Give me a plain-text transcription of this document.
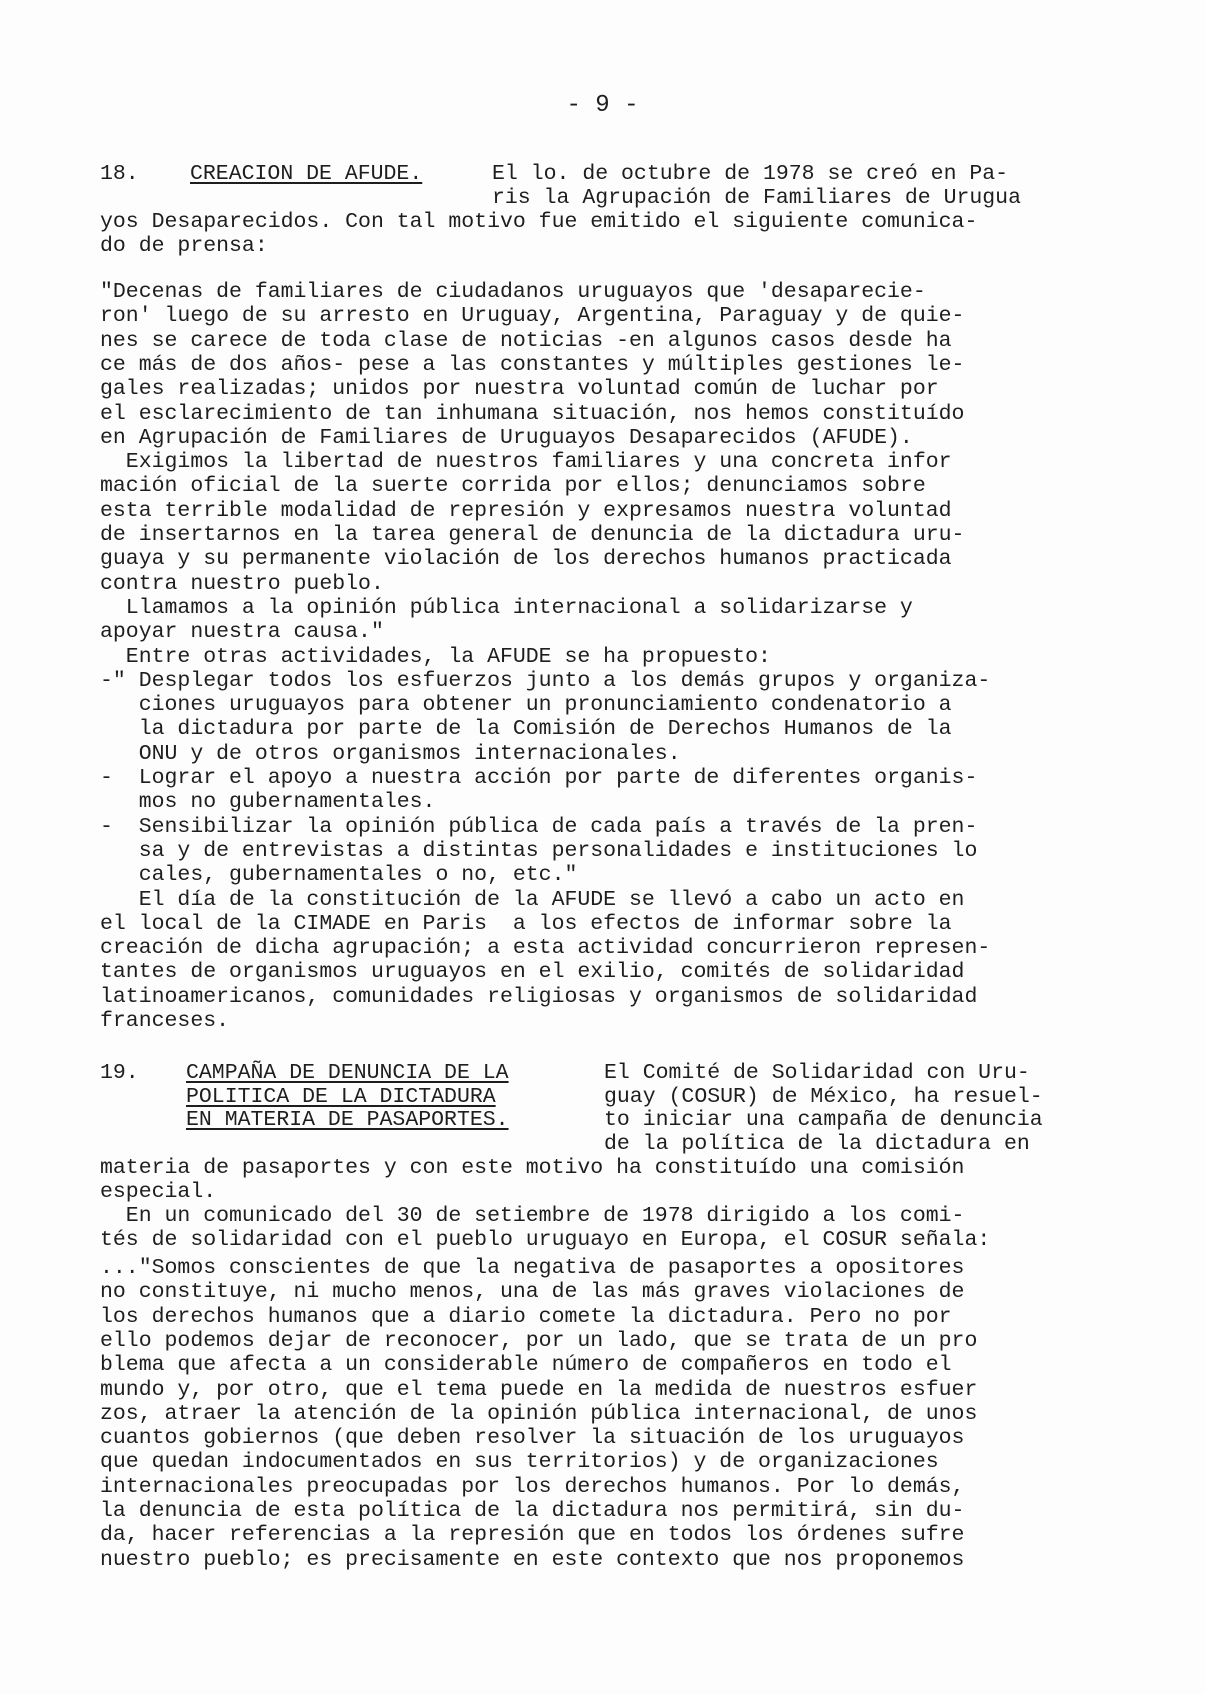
- 9 -
18. CREACION DE AFUDE.	El lo. de octubre de 1978 se creó en Pa-
ris la Agrupación de Familiares de Urugua
yos Desaparecidos. Con tal motivo fue emitido el siguiente comunica-
do de prensa:
"Decenas de familiares de ciudadanos uruguayos que 'desaparecie-
ron' luego de su arresto en Uruguay, Argentina, Paraguay y de quie-
nes se carece de toda clase de noticias -en algunos casos desde ha
ce más de dos años- pese a las constantes y múltiples gestiones le-
gales realizadas; unidos por nuestra voluntad común de luchar por
el esclarecimiento de tan inhumana situación, nos hemos constituído
en Agrupación de Familiares de Uruguayos Desaparecidos (AFUDE).
Exigimos la libertad de nuestros familiares y una concreta infor
mación oficial de la suerte corrida por ellos; denunciamos sobre
esta terrible modalidad de represión y expresamos nuestra voluntad
de insertarnos en la tarea general de denuncia de la dictadura uru-
guaya y su permanente violación de los derechos humanos practicada
contra nuestro pueblo.
Llamamos a la opinión pública internacional a solidarizarse y
apoyar nuestra causa."
Entre otras actividades, la AFUDE se ha propuesto:
-" Desplegar todos los esfuerzos junto a los demás grupos y organiza-
ciones uruguayos para obtener un pronunciamiento condenatorio a
la dictadura por parte de la Comisión de Derechos Humanos de la
ONU y de otros organismos internacionales.
-  Lograr el apoyo a nuestra acción por parte de diferentes organis-
mos no gubernamentales.
-  Sensibilizar la opinión pública de cada país a través de la pren-
sa y de entrevistas a distintas personalidades e instituciones lo
cales, gubernamentales o no, etc."
El día de la constitución de la AFUDE se llevó a cabo un acto en
el local de la CIMADE en Paris  a los efectos de informar sobre la
creación de dicha agrupación; a esta actividad concurrieron represen-
tantes de organismos uruguayos en el exilio, comités de solidaridad
latinoamericanos, comunidades religiosas y organismos de solidaridad
franceses.
19. CAMPAÑA DE DENUNCIA DE LA
POLITICA DE LA DICTADURA
EN MATERIA DE PASAPORTES.
El Comité de Solidaridad con Uru-
guay (COSUR) de México, ha resuel-
to iniciar una campaña de denuncia
de la política de la dictadura en
materia de pasaportes y con este motivo ha constituído una comisión
especial.
En un comunicado del 30 de setiembre de 1978 dirigido a los comi-
tés de solidaridad con el pueblo uruguayo en Europa, el COSUR señala:
..."Somos conscientes de que la negativa de pasaportes a opositores
no constituye, ni mucho menos, una de las más graves violaciones de
los derechos humanos que a diario comete la dictadura. Pero no por
ello podemos dejar de reconocer, por un lado, que se trata de un pro
blema que afecta a un considerable número de compañeros en todo el
mundo y, por otro, que el tema puede en la medida de nuestros esfuer
zos, atraer la atención de la opinión pública internacional, de unos
cuantos gobiernos (que deben resolver la situación de los uruguayos
que quedan indocumentados en sus territorios) y de organizaciones
internacionales preocupadas por los derechos humanos. Por lo demás,
la denuncia de esta política de la dictadura nos permitirá, sin du-
da, hacer referencias a la represión que en todos los órdenes sufre
nuestro pueblo; es precisamente en este contexto que nos proponemos
